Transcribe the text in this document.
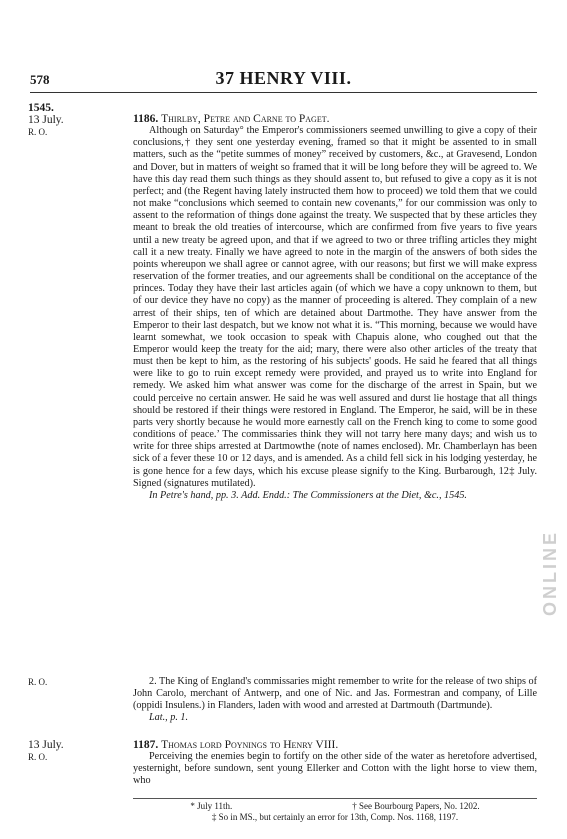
578	37 HENRY VIII.
1545.
13 July.
R. O.
1186. Thirlby, Petre and Carne to Paget.

Although on Saturday° the Emperor's commissioners seemed unwilling to give a copy of their conclusions,† they sent one yesterday evening, framed so that it might be assented to in small matters, such as the “petite summes of money” received by customers, &c., at Gravesend, London and Dover, but in matters of weight so framed that it will be long before they will be agreed to. We have this day read them such things as they should assent to, but refused to give a copy as it is not perfect; and (the Regent having lately instructed them how to proceed) we told them that we could not make “conclusions which seemed to contain new covenants,” for our commission was only to assent to the reformation of things done against the treaty. We suspected that by these articles they meant to break the old treaties of intercourse, which are confirmed from five years to five years until a new treaty be agreed upon, and that if we agreed to two or three trifling articles they might call it a new treaty. Finally we have agreed to note in the margin of the answers of both sides the points whereupon we shall agree or cannot agree, with our reasons; but first we will make express reservation of the former treaties, and our agreements shall be conditional on the acceptance of the princes. Today they have their last articles again (of which we have a copy unknown to them, but of our device they have no copy) as the manner of proceeding is altered. They complain of a new arrest of their ships, ten of which are detained about Dartmothe. They have answer from the Emperor to their last despatch, but we know not what it is. “This morning, because we would have learnt somewhat, we took occasion to speak with Chapuis alone, who coughed out that the Emperor would keep the treaty for the aid; mary, there were also other articles of the treaty that must then be kept to him, as the restoring of his subjects' goods. He said he feared that all things were like to go to ruin except remedy were provided, and prayed us to write into England for remedy. We asked him what answer was come for the discharge of the arrest in Spain, but we could perceive no certain answer. He said he was well assured and durst lie hostage that all things should be restored if their things were restored in England. The Emperor, he said, will be in these parts very shortly because he would more earnestly call on the French king to come to some good conditions of peace.’ The commissaries think they will not tarry here many days; and wish us to write for three ships arrested at Dartmowthe (note of names enclosed). Mr. Chamberlayn has been sick of a fever these 10 or 12 days, and is amended. As a child fell sick in his lodging yesterday, he is gone hence for a few days, which his excuse please signify to the King. Burbarough, 12‡ July. Signed (signatures mutilated).

In Petre's hand, pp. 3. Add. Endd.: The Commissioners at the Diet, &c., 1545.

R. O.	2. The King of England's commissaries might remember to write for the release of two ships of John Carolo, merchant of Antwerp, and one of Nic. and Jas. Formestran and company, of Lille (oppidi Insulens.) in Flanders, laden with wood and arrested at Dartmouth (Dartmunde).

Lat., p. 1.

13 July.
R. O.
1187. Thomas lord Poynings to Henry VIII.

Perceiving the enemies begin to fortify on the other side of the water as heretofore advertised, yesternight, before sundown, sent young Ellerker and Cotton with the light horse to view them, who

* July 11th.	† See Bourbourg Papers, No. 1202.
‡ So in MS., but certainly an error for 13th, Comp. Nos. 1168, 1197.
ONLINE
